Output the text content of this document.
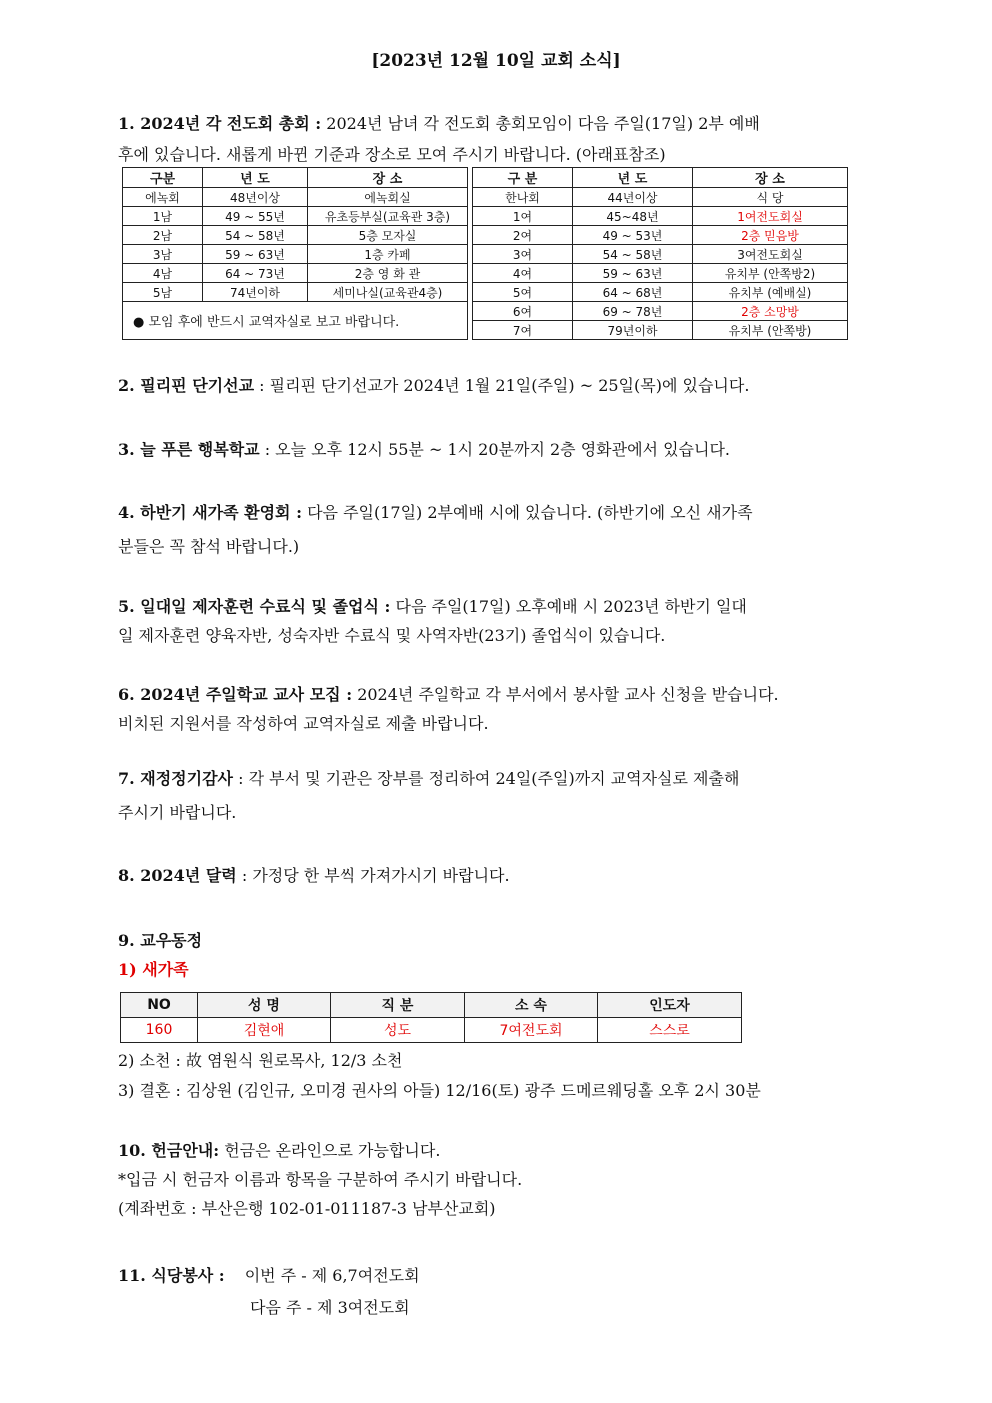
[2023년 12월 10일 교회 소식]

1. 2024년 각 전도회 총회 : 2024년 남녀 각 전도회 총회모임이 다음 주일(17일) 2부 예배

후에 있습니다. 새롭게 바뀐 기준과 장소로 모여 주시기 바랍니다. (아래표참조)

구분	년 도	장 소		구 분	년 도	장 소
에녹회	48년이상	에녹회실		한나회	44년이상	식 당
1남	49 ~ 55년	유초등부실(교육관 3층)		1여	45~48년	1여전도회실
2남	54 ~ 58년	5층 모자실		2여	49 ~ 53년	2층 믿음방
3남	59 ~ 63년	1층 카페		3여	54 ~ 58년	3여전도회실
4남	64 ~ 73년	2층 영 화 관		4여	59 ~ 63년	유치부 (안쪽방2)
5남	74년이하	세미나실(교육관4층)		5여	64 ~ 68년	유치부 (예배실)
● 모임 후에 반드시 교역자실로 보고 바랍니다.				6여	69 ~ 78년	2층 소망방
				7여	79년이하	유치부 (안쪽방)

2. 필리핀 단기선교 : 필리핀 단기선교가 2024년 1월 21일(주일) ~ 25일(목)에 있습니다.

3. 늘 푸른 행복학교 : 오늘 오후 12시 55분 ~ 1시 20분까지 2층 영화관에서 있습니다.

4. 하반기 새가족 환영회 : 다음 주일(17일) 2부예배 시에 있습니다. (하반기에 오신 새가족

분들은 꼭 참석 바랍니다.)

5. 일대일 제자훈련 수료식 및 졸업식 : 다음 주일(17일) 오후예배 시 2023년 하반기 일대

일 제자훈련 양육자반, 성숙자반 수료식 및 사역자반(23기) 졸업식이 있습니다.

6. 2024년 주일학교 교사 모집 : 2024년 주일학교 각 부서에서 봉사할 교사 신청을 받습니다.

비치된 지원서를 작성하여 교역자실로 제출 바랍니다.

7. 재정정기감사 : 각 부서 및 기관은 장부를 정리하여 24일(주일)까지 교역자실로 제출해

주시기 바랍니다.

8. 2024년 달력 : 가정당 한 부씩 가져가시기 바랍니다.

9. 교우동정

1) 새가족

NO	성 명	직 분	소 속	인도자
160	김현애	성도	7여전도회	스스로

2) 소천 : 故 염원식 원로목사, 12/3 소천

3) 결혼 : 김상원 (김인규, 오미경 권사의 아들) 12/16(토) 광주 드메르웨딩홀 오후 2시 30분

10. 헌금안내: 헌금은 온라인으로 가능합니다.

*입금 시 헌금자 이름과 항목을 구분하여 주시기 바랍니다.

(계좌번호 : 부산은행 102-01-011187-3 남부산교회)

11. 식당봉사 : 이번 주 - 제 6,7여전도회

다음 주 - 제 3여전도회
